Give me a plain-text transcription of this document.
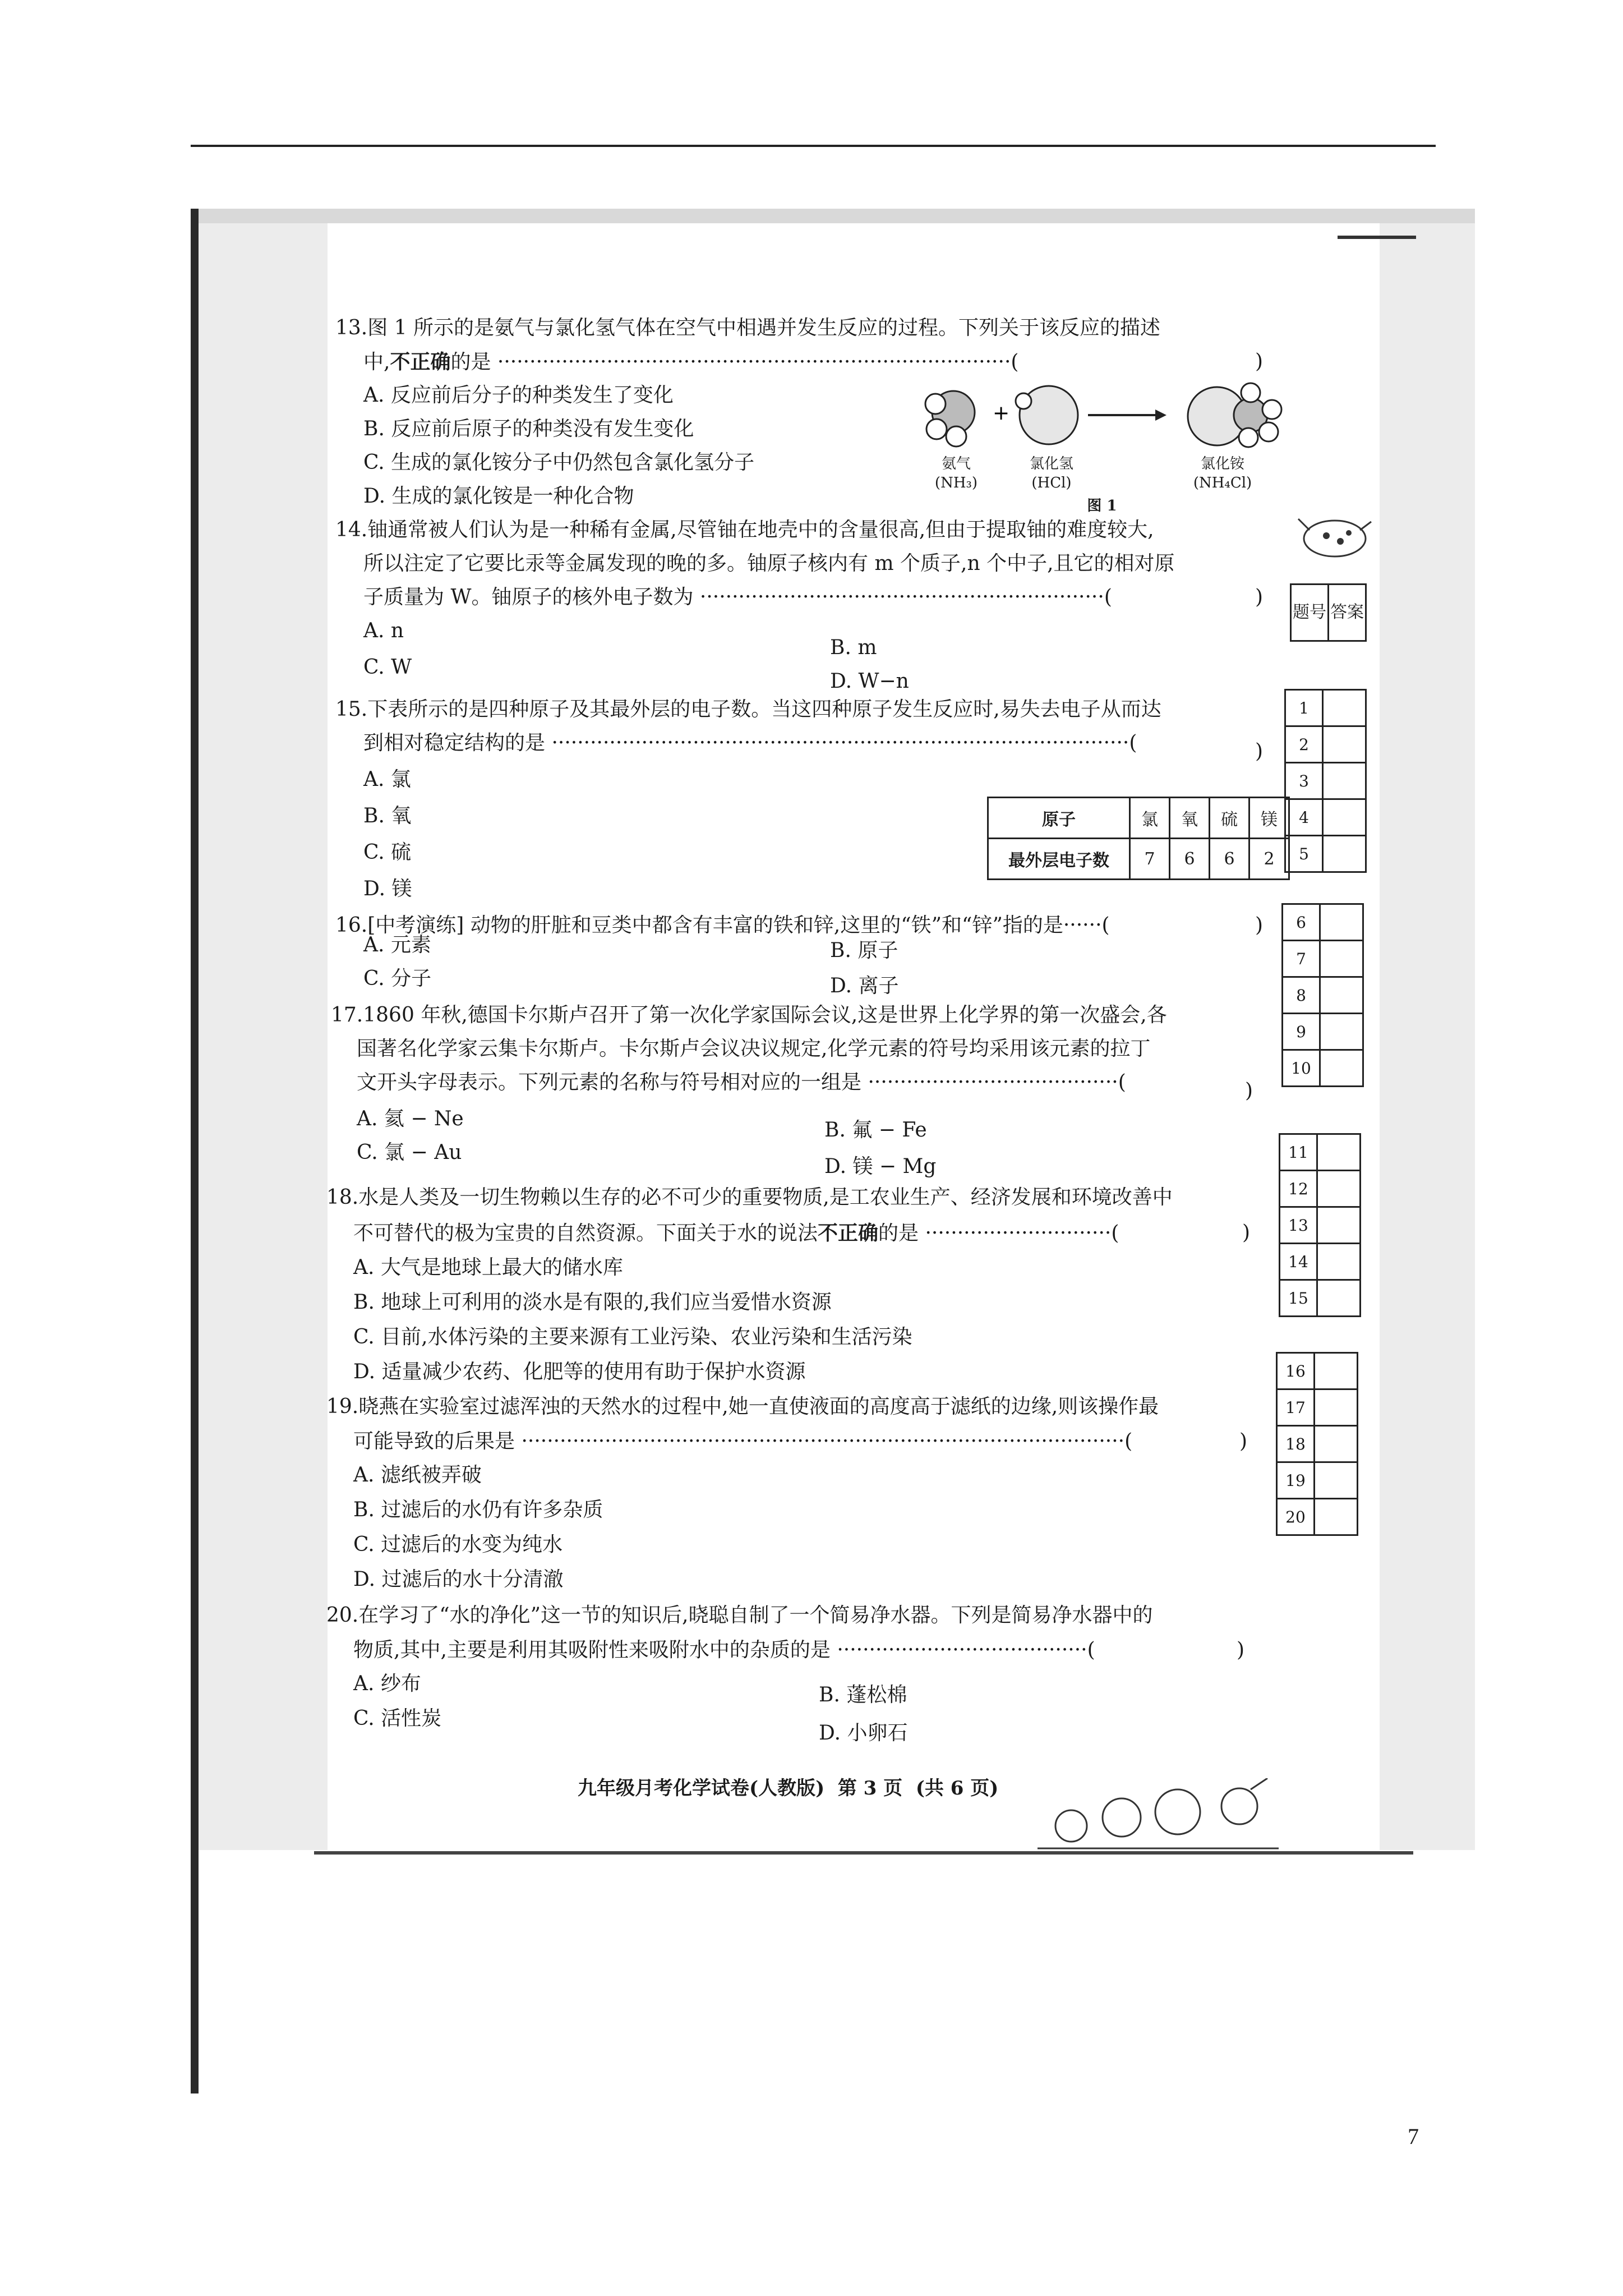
13.图 1 所示的是氨气与氯化氢气体在空气中相遇并发生反应的过程。下列关于该反应的描述
中,不正确的是 ················································································(	)
A. 反应前后分子的种类发生了变化
B. 反应前后原子的种类没有发生变化
C. 生成的氯化铵分子中仍然包含氯化氢分子
D. 生成的氯化铵是一种化合物
+
氨气
(NH₃)
氯化氢
(HCl)
氯化铵
(NH₄Cl)
图 1
14.铀通常被人们认为是一种稀有金属,尽管铀在地壳中的含量很高,但由于提取铀的难度较大,
所以注定了它要比汞等金属发现的晚的多。铀原子核内有 m 个质子,n 个中子,且它的相对原
子质量为 W。铀原子的核外电子数为 ·······························································(	)
A. n
B. m
C. W
D. W−n
15.下表所示的是四种原子及其最外层的电子数。当这四种原子发生反应时,易失去电子从而达
到相对稳定结构的是 ··························································································(	)
A. 氯
B. 氧
C. 硫
D. 镁
原子	氯	氧	硫	镁
最外层电子数	7	6	6	2
16.[中考演练] 动物的肝脏和豆类中都含有丰富的铁和锌,这里的“铁”和“锌”指的是······(	)
A. 元素	B. 原子
C. 分子	D. 离子
17.1860 年秋,德国卡尔斯卢召开了第一次化学家国际会议,这是世界上化学界的第一次盛会,各
国著名化学家云集卡尔斯卢。卡尔斯卢会议决议规定,化学元素的符号均采用该元素的拉丁
文开头字母表示。下列元素的名称与符号相对应的一组是 ·······································(	)
A. 氦 − Ne	B. 氟 − Fe
C. 氯 − Au
D. 镁 − Mg
18.水是人类及一切生物赖以生存的必不可少的重要物质,是工农业生产、经济发展和环境改善中
不可替代的极为宝贵的自然资源。下面关于水的说法不正确的是 ·····························(	)
A. 大气是地球上最大的储水库
B. 地球上可利用的淡水是有限的,我们应当爱惜水资源
C. 目前,水体污染的主要来源有工业污染、农业污染和生活污染
D. 适量减少农药、化肥等的使用有助于保护水资源
19.晓燕在实验室过滤浑浊的天然水的过程中,她一直使液面的高度高于滤纸的边缘,则该操作最
可能导致的后果是 ······························································································(	)
A. 滤纸被弄破
B. 过滤后的水仍有许多杂质
C. 过滤后的水变为纯水
D. 过滤后的水十分清澈
20.在学习了“水的净化”这一节的知识后,晓聪自制了一个简易净水器。下列是简易净水器中的
物质,其中,主要是利用其吸附性来吸附水中的杂质的是 ·······································(	)
A. 纱布	B. 蓬松棉
C. 活性炭
D. 小卵石
题号	答案
1	
2	
3	
4	
5	
6	
7	
8	
9	
10	
11	
12	
13	
14	
15	
16	
17	
18	
19	
20	
九年级月考化学试卷(人教版)  第 3 页  (共 6 页)
7
